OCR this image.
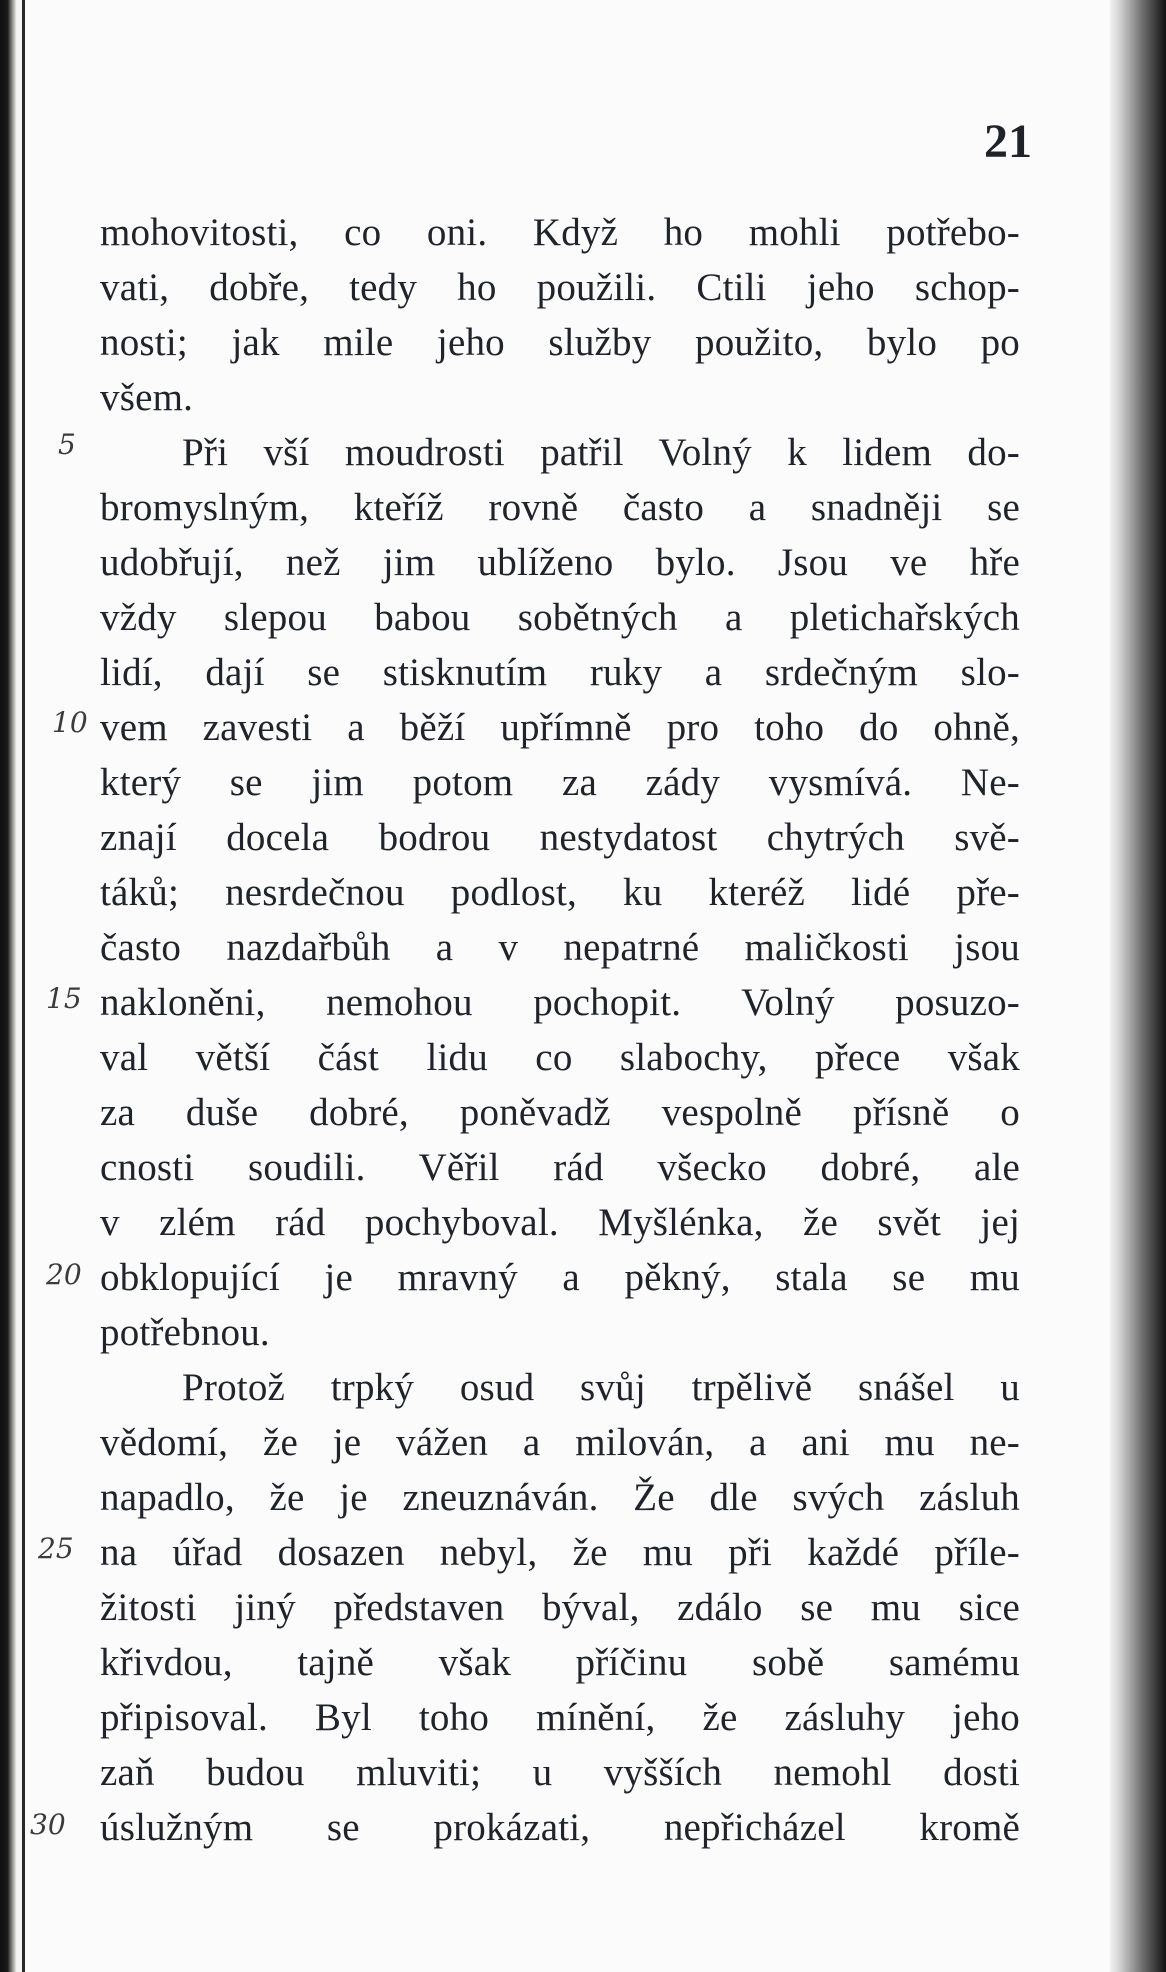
21
mohovitosti, co oni. Když ho mohli potřebo-
vati, dobře, tedy ho použili. Ctili jeho schop-
nosti; jak mile jeho služby použito, bylo po
všem.
Při vší moudrosti patřil Volný k lidem do-
bromyslným, kteříž rovně často a snadněji se
udobřují, než jim ublíženo bylo. Jsou ve hře
vždy slepou babou sobětných a pletichařských
lidí, dají se stisknutím ruky a srdečným slo-
vem zavesti a běží upřímně pro toho do ohně,
který se jim potom za zády vysmívá. Ne-
znají docela bodrou nestydatost chytrých svě-
táků; nesrdečnou podlost, ku kteréž lidé pře-
často nazdařbůh a v nepatrné maličkosti jsou
nakloněni, nemohou pochopit. Volný posuzo-
val větší část lidu co slabochy, přece však
za duše dobré, poněvadž vespolně přísně o
cnosti soudili. Věřil rád všecko dobré, ale
v zlém rád pochyboval. Myšlénka, že svět jej
obklopující je mravný a pěkný, stala se mu
potřebnou.
Protož trpký osud svůj trpělivě snášel u
vědomí, že je vážen a milován, a ani mu ne-
napadlo, že je zneuznáván. Že dle svých zásluh
na úřad dosazen nebyl, že mu při každé příle-
žitosti jiný představen býval, zdálo se mu sice
křivdou, tajně však příčinu sobě samému
připisoval. Byl toho mínění, že zásluhy jeho
zaň budou mluviti; u vyšších nemohl dosti
úslužným se prokázati, nepřicházel kromě
5
10
15
20
25
30
